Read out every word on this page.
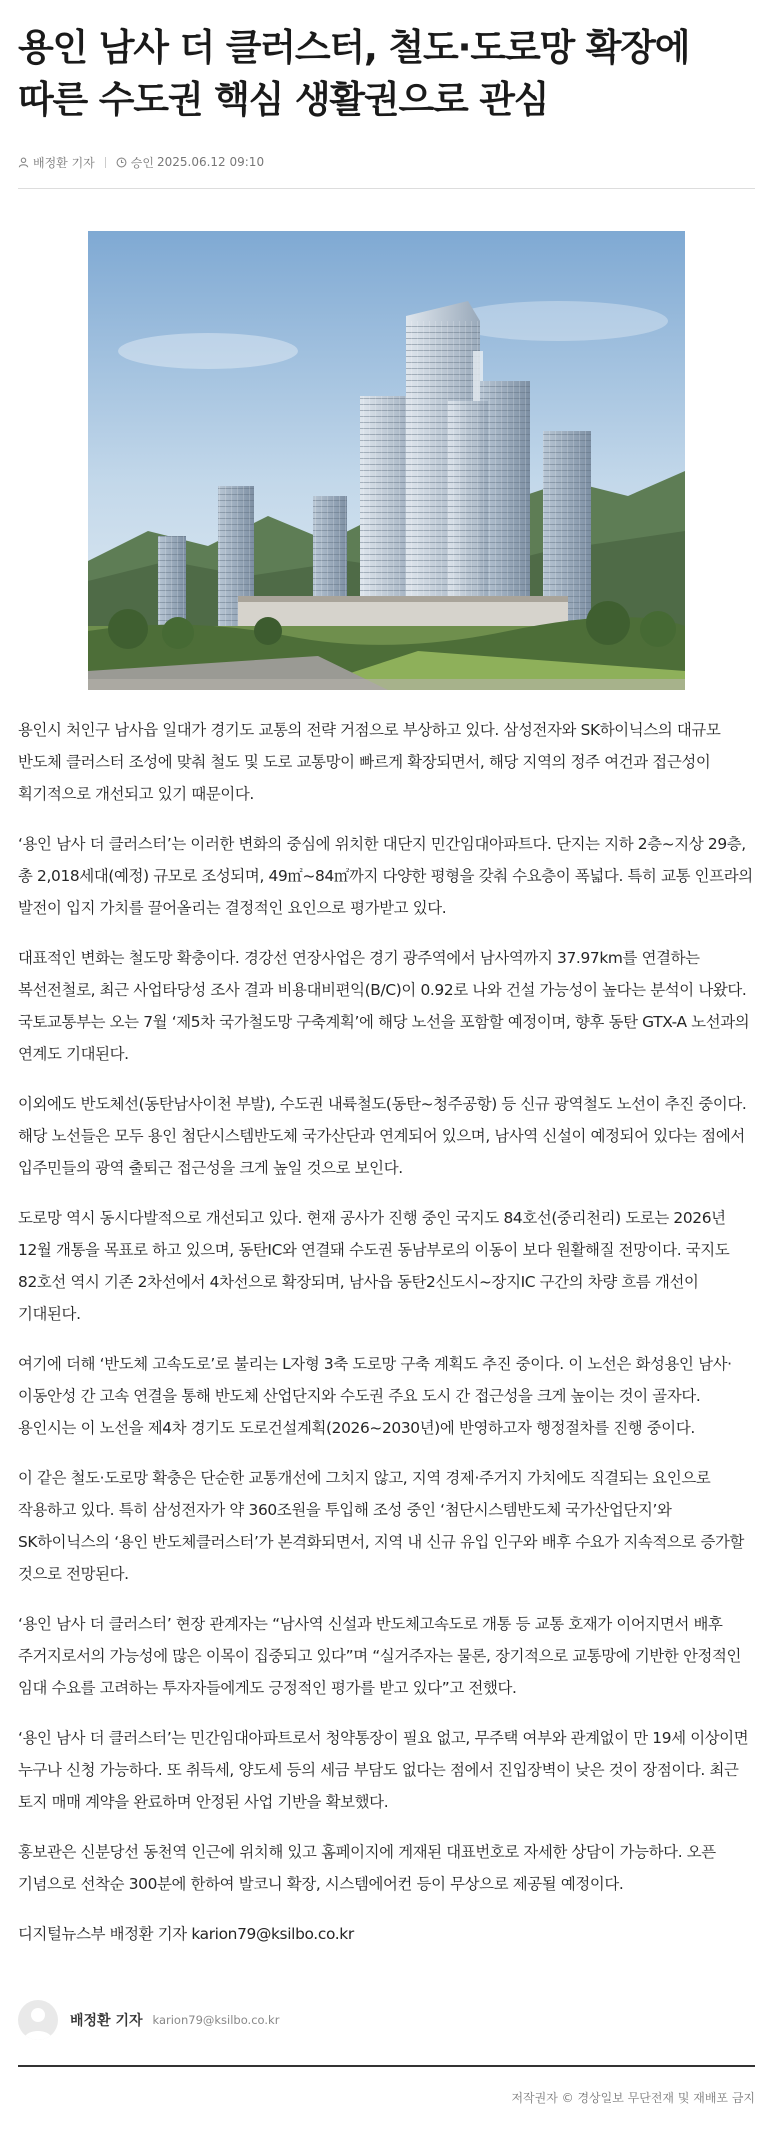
용인 남사 더 클러스터, 철도·도로망 확장에 따른 수도권 핵심 생활권으로 관심
배정환 기자	승인 2025.06.12 09:10

용인시 처인구 남사읍 일대가 경기도 교통의 전략 거점으로 부상하고 있다. 삼성전자와 SK하이닉스의 대규모 반도체 클러스터 조성에 맞춰 철도 및 도로 교통망이 빠르게 확장되면서, 해당 지역의 정주 여건과 접근성이 획기적으로 개선되고 있기 때문이다.

‘용인 남사 더 클러스터’는 이러한 변화의 중심에 위치한 대단지 민간임대아파트다. 단지는 지하 2층~지상 29층, 총 2,018세대(예정) 규모로 조성되며, 49㎡~84㎡까지 다양한 평형을 갖춰 수요층이 폭넓다. 특히 교통 인프라의 발전이 입지 가치를 끌어올리는 결정적인 요인으로 평가받고 있다.

대표적인 변화는 철도망 확충이다. 경강선 연장사업은 경기 광주역에서 남사역까지 37.97km를 연결하는 복선전철로, 최근 사업타당성 조사 결과 비용대비편익(B/C)이 0.92로 나와 건설 가능성이 높다는 분석이 나왔다. 국토교통부는 오는 7월 ‘제5차 국가철도망 구축계획’에 해당 노선을 포함할 예정이며, 향후 동탄 GTX-A 노선과의 연계도 기대된다.

이외에도 반도체선(동탄남사이천 부발), 수도권 내륙철도(동탄~청주공항) 등 신규 광역철도 노선이 추진 중이다. 해당 노선들은 모두 용인 첨단시스템반도체 국가산단과 연계되어 있으며, 남사역 신설이 예정되어 있다는 점에서 입주민들의 광역 출퇴근 접근성을 크게 높일 것으로 보인다.

도로망 역시 동시다발적으로 개선되고 있다. 현재 공사가 진행 중인 국지도 84호선(중리천리) 도로는 2026년 12월 개통을 목표로 하고 있으며, 동탄IC와 연결돼 수도권 동남부로의 이동이 보다 원활해질 전망이다. 국지도 82호선 역시 기존 2차선에서 4차선으로 확장되며, 남사읍 동탄2신도시~장지IC 구간의 차량 흐름 개선이 기대된다.

여기에 더해 ‘반도체 고속도로’로 불리는 L자형 3축 도로망 구축 계획도 추진 중이다. 이 노선은 화성용인 남사·이동안성 간 고속 연결을 통해 반도체 산업단지와 수도권 주요 도시 간 접근성을 크게 높이는 것이 골자다. 용인시는 이 노선을 제4차 경기도 도로건설계획(2026~2030년)에 반영하고자 행정절차를 진행 중이다.

이 같은 철도·도로망 확충은 단순한 교통개선에 그치지 않고, 지역 경제·주거지 가치에도 직결되는 요인으로 작용하고 있다. 특히 삼성전자가 약 360조원을 투입해 조성 중인 ‘첨단시스템반도체 국가산업단지’와 SK하이닉스의 ‘용인 반도체클러스터’가 본격화되면서, 지역 내 신규 유입 인구와 배후 수요가 지속적으로 증가할 것으로 전망된다.

‘용인 남사 더 클러스터’ 현장 관계자는 “남사역 신설과 반도체고속도로 개통 등 교통 호재가 이어지면서 배후 주거지로서의 가능성에 많은 이목이 집중되고 있다”며 “실거주자는 물론, 장기적으로 교통망에 기반한 안정적인 임대 수요를 고려하는 투자자들에게도 긍정적인 평가를 받고 있다”고 전했다.

‘용인 남사 더 클러스터’는 민간임대아파트로서 청약통장이 필요 없고, 무주택 여부와 관계없이 만 19세 이상이면 누구나 신청 가능하다. 또 취득세, 양도세 등의 세금 부담도 없다는 점에서 진입장벽이 낮은 것이 장점이다. 최근 토지 매매 계약을 완료하며 안정된 사업 기반을 확보했다.

홍보관은 신분당선 동천역 인근에 위치해 있고 홈페이지에 게재된 대표번호로 자세한 상담이 가능하다. 오픈 기념으로 선착순 300분에 한하여 발코니 확장, 시스템에어컨 등이 무상으로 제공될 예정이다.

디지털뉴스부 배정환 기자 karion79@ksilbo.co.kr

배정환 기자 karion79@ksilbo.co.kr
저작권자 © 경상일보 무단전재 및 재배포 금지
